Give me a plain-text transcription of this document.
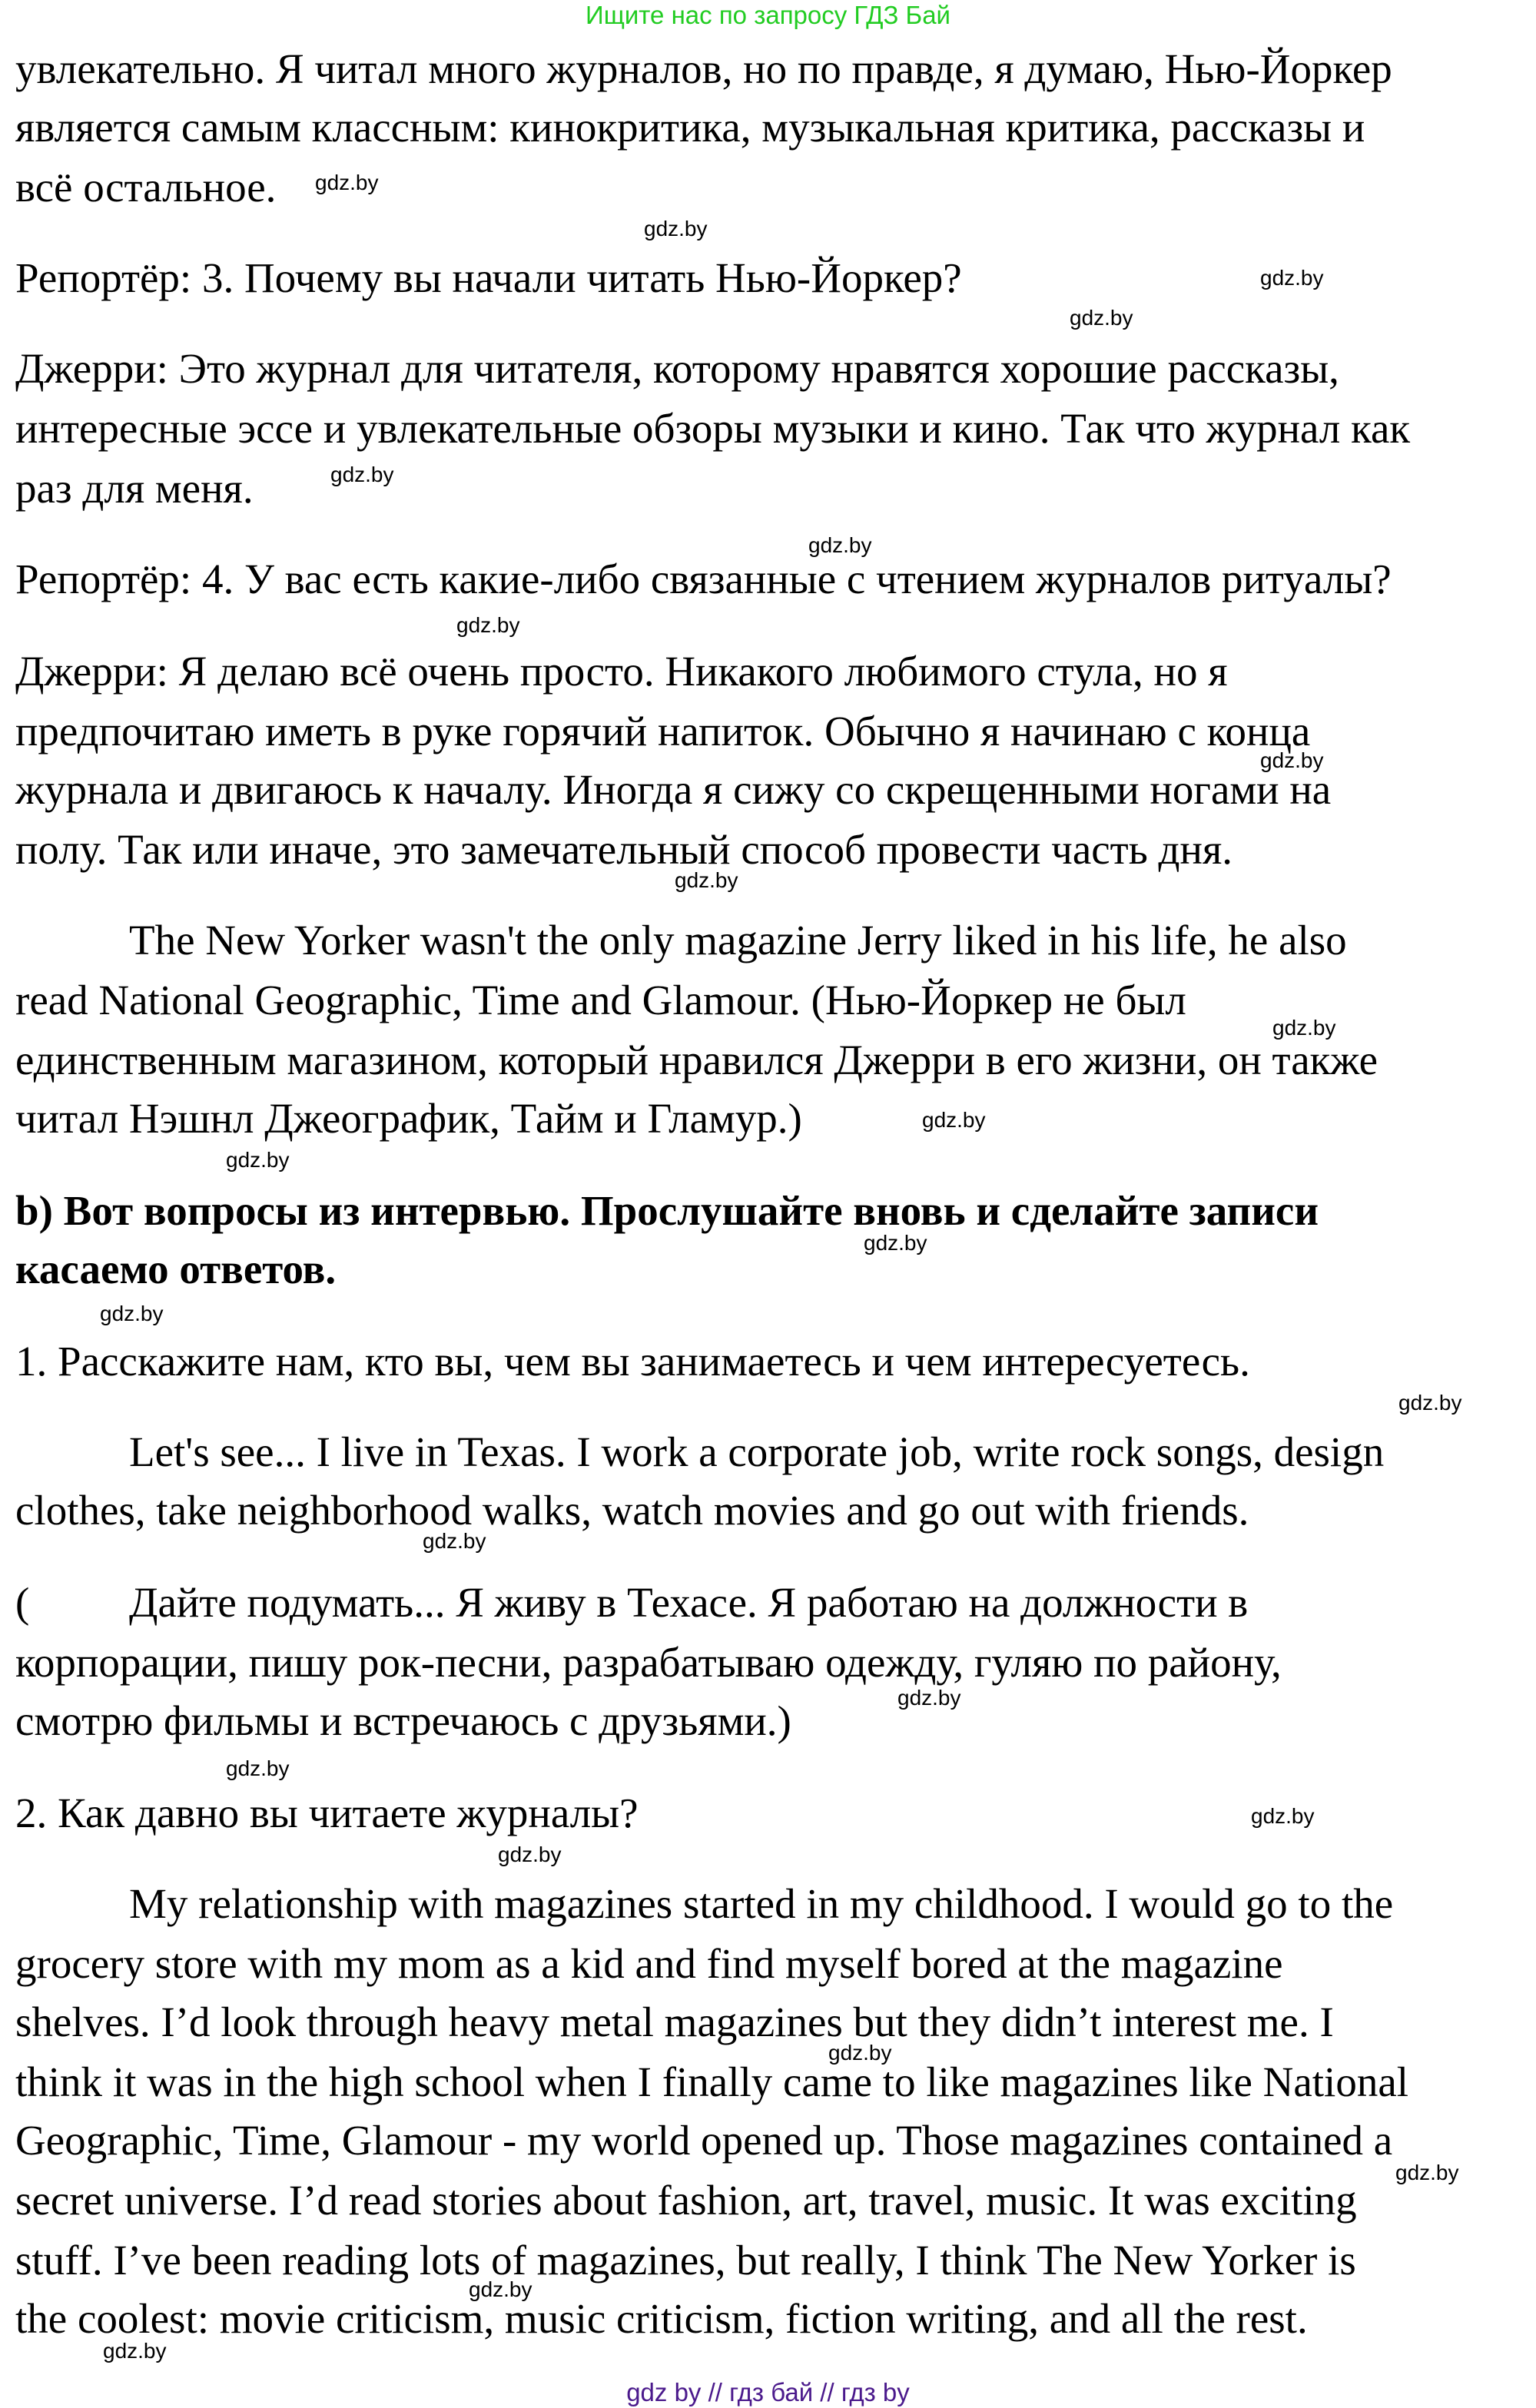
Ищите нас по запросу ГДЗ Бай
увлекательно. Я читал много журналов, но по правде, я думаю, Нью-Йоркер
является самым классным: кинокритика, музыкальная критика, рассказы и
всё остальное.
Репортёр: 3. Почему вы начали читать Нью-Йоркер?
Джерри: Это журнал для читателя, которому нравятся хорошие рассказы,
интересные эссе и увлекательные обзоры музыки и кино. Так что журнал как
раз для меня.
Репортёр: 4. У вас есть какие-либо связанные с чтением журналов ритуалы?
Джерри: Я делаю всё очень просто. Никакого любимого стула, но я
предпочитаю иметь в руке горячий напиток. Обычно я начинаю с конца
журнала и двигаюсь к началу. Иногда я сижу со скрещенными ногами на
полу. Так или иначе, это замечательный способ провести часть дня.
The New Yorker wasn't the only magazine Jerry liked in his life, he also
read National Geographic, Time and Glamour. (Нью-Йоркер не был
единственным магазином, который нравился Джерри в его жизни, он также
читал Нэшнл Джеографик, Тайм и Гламур.)
b) Вот вопросы из интервью. Прослушайте вновь и сделайте записи
касаемо ответов.
1. Расскажите нам, кто вы, чем вы занимаетесь и чем интересуетесь.
Let's see... I live in Texas. I work a corporate job, write rock songs, design
clothes, take neighborhood walks, watch movies and go out with friends.
( Дайте подумать... Я живу в Техасе. Я работаю на должности в
корпорации, пишу рок-песни, разрабатываю одежду, гуляю по району,
смотрю фильмы и встречаюсь с друзьями.)
2. Как давно вы читаете журналы?
My relationship with magazines started in my childhood. I would go to the
grocery store with my mom as a kid and find myself bored at the magazine
shelves. I’d look through heavy metal magazines but they didn’t interest me. I
think it was in the high school when I finally came to like magazines like National
Geographic, Time, Glamour - my world opened up. Those magazines contained a
secret universe. I’d read stories about fashion, art, travel, music. It was exciting
stuff. I’ve been reading lots of magazines, but really, I think The New Yorker is
the coolest: movie criticism, music criticism, fiction writing, and all the rest.
gdz.by
gdz.by
gdz.by
gdz.by
gdz.by
gdz.by
gdz.by
gdz.by
gdz.by
gdz.by
gdz.by
gdz.by
gdz.by
gdz.by
gdz.by
gdz.by
gdz.by
gdz.by
gdz.by
gdz.by
gdz.by
gdz.by
gdz.by
gdz.by
gdz by // гдз бай // гдз by
